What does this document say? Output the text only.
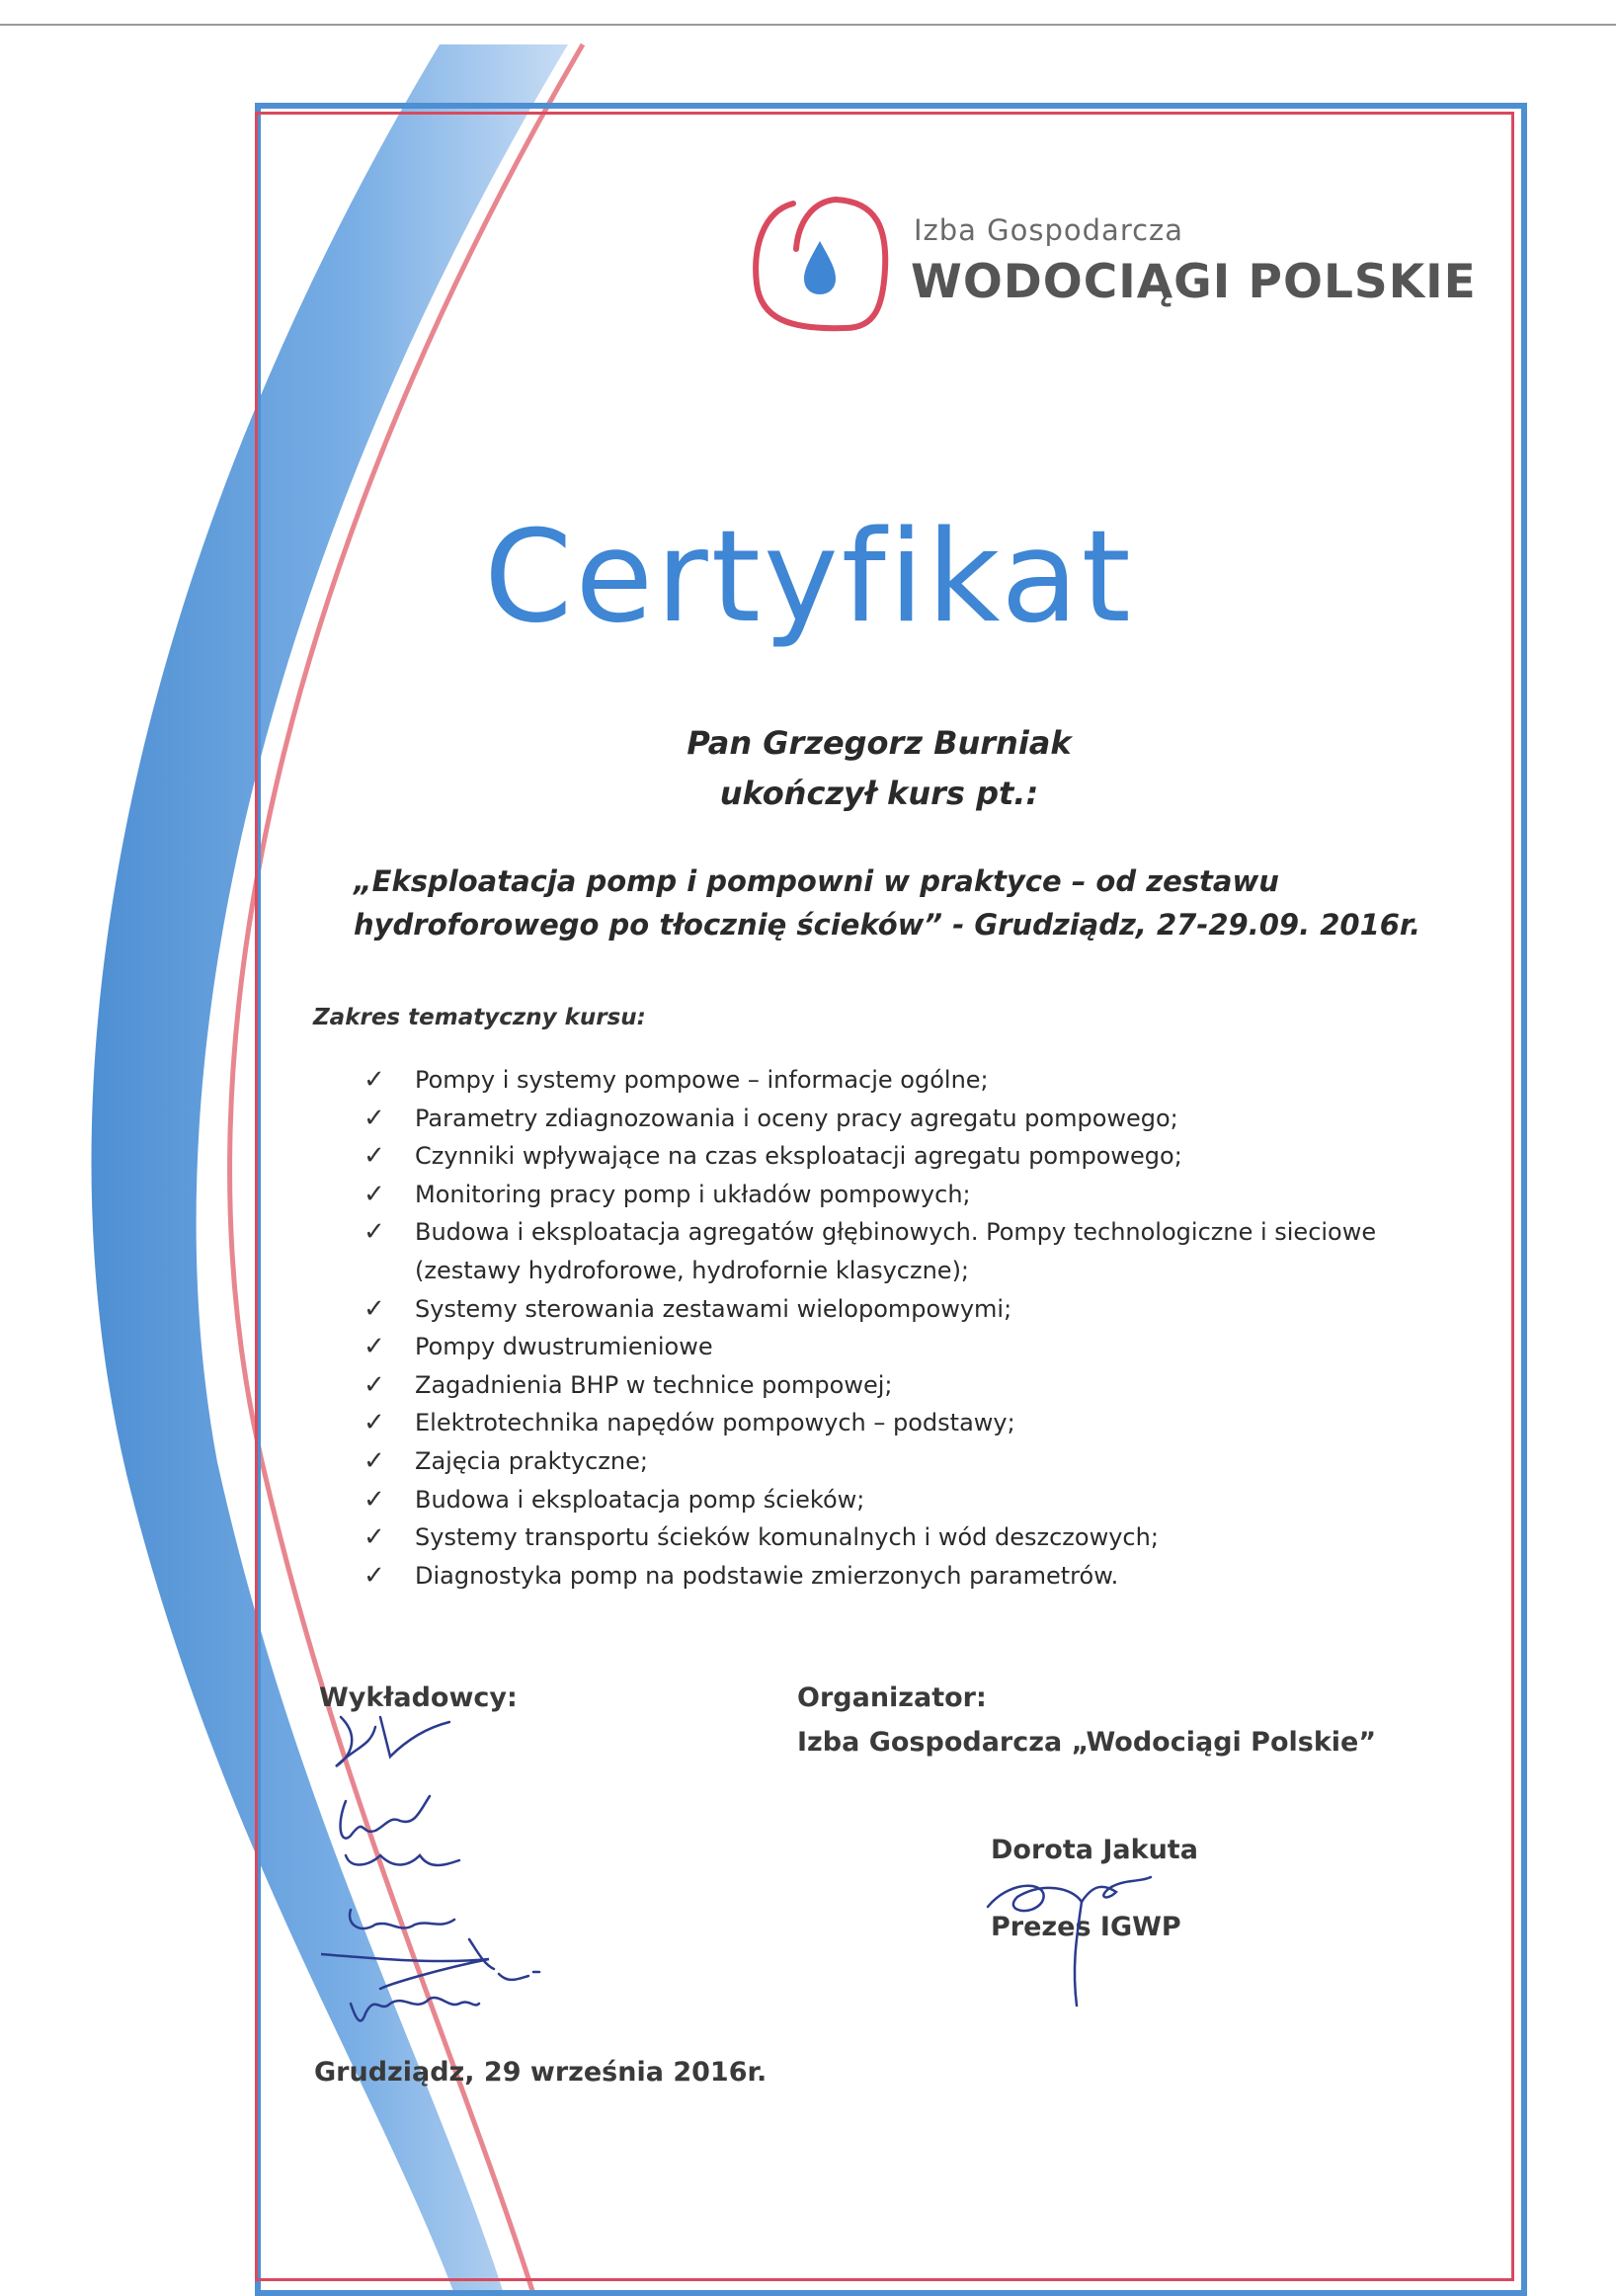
Izba Gospodarcza
WODOCIĄGI POLSKIE
Certyfikat
Pan Grzegorz Burniak
ukończył kurs pt.:
„Eksploatacja pomp i pompowni w praktyce – od zestawu hydroforowego po tłocznię ścieków” - Grudziądz, 27-29.09. 2016r.
Zakres tematyczny kursu:
✓ Pompy i systemy pompowe – informacje ogólne;
✓ Parametry zdiagnozowania i oceny pracy agregatu pompowego;
✓ Czynniki wpływające na czas eksploatacji agregatu pompowego;
✓ Monitoring pracy pomp i układów pompowych;
✓ Budowa i eksploatacja agregatów głębinowych. Pompy technologiczne i sieciowe (zestawy hydroforowe, hydrofornie klasyczne);
✓ Systemy sterowania zestawami wielopompowymi;
✓ Pompy dwustrumieniowe
✓ Zagadnienia BHP w technice pompowej;
✓ Elektrotechnika napędów pompowych – podstawy;
✓ Zajęcia praktyczne;
✓ Budowa i eksploatacja pomp ścieków;
✓ Systemy transportu ścieków komunalnych i wód deszczowych;
✓ Diagnostyka pomp na podstawie zmierzonych parametrów.
Wykładowcy:	Organizator:
Izba Gospodarcza „Wodociągi Polskie”
Dorota Jakuta
Prezes IGWP
Grudziądz, 29 września 2016r.
